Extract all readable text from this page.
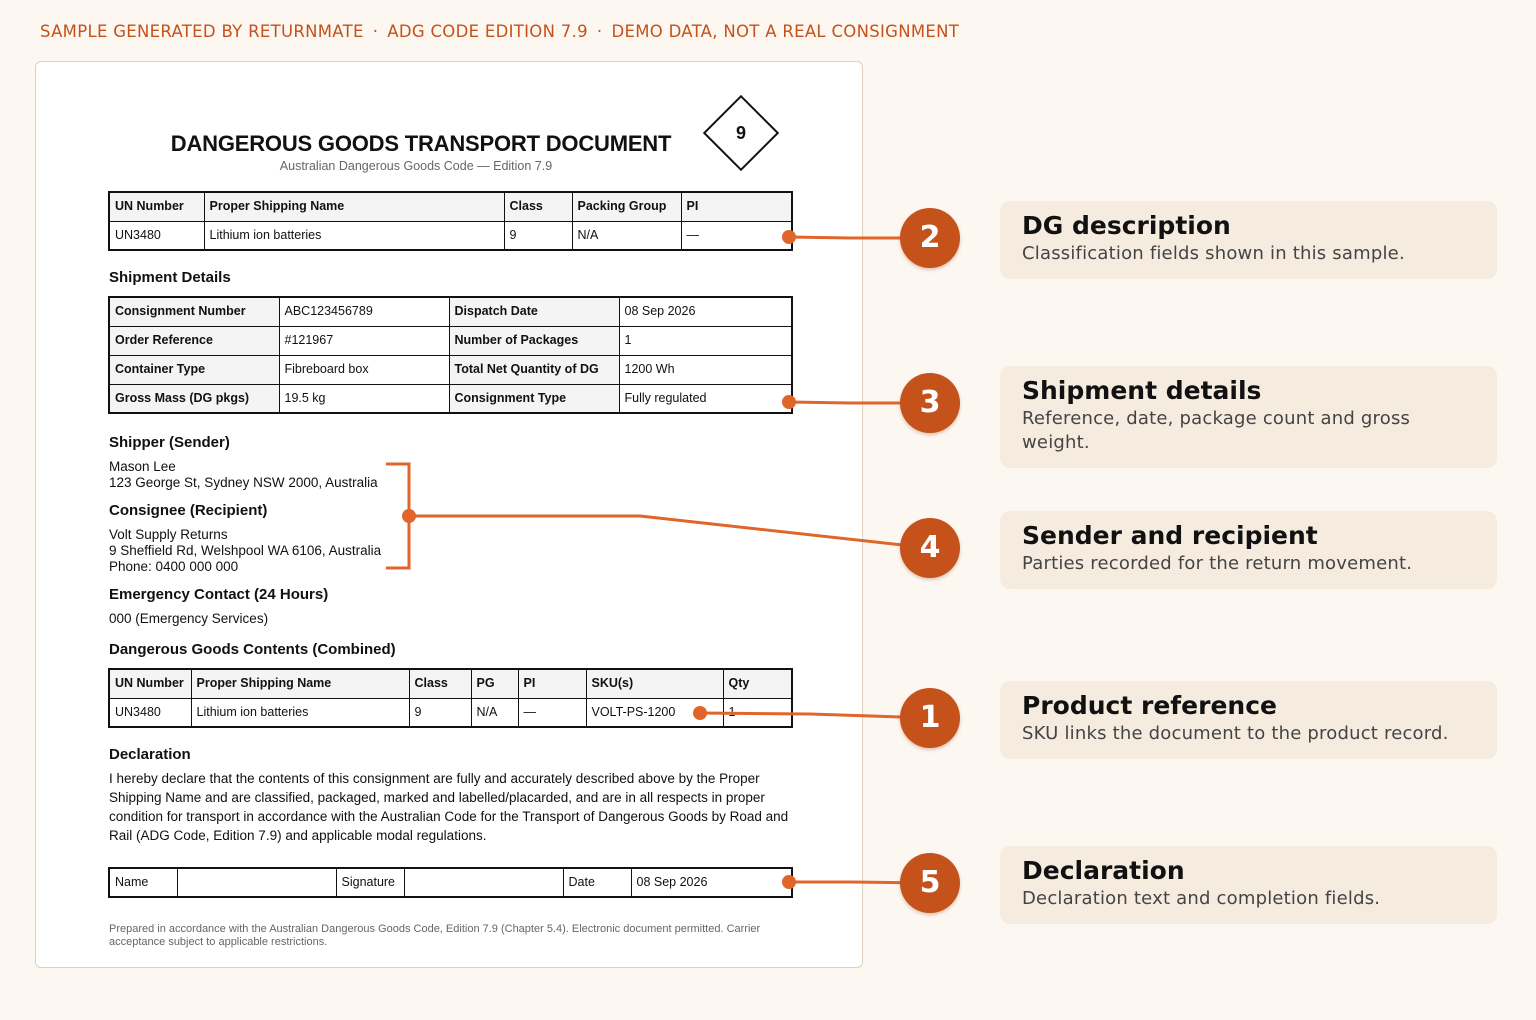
SAMPLE GENERATED BY RETURNMATE · ADG CODE EDITION 7.9 · DEMO DATA, NOT A REAL CONSIGNMENT
DANGEROUS GOODS TRANSPORT DOCUMENT
Australian Dangerous Goods Code — Edition 7.9
9
UN Number	Proper Shipping Name	Class	Packing Group	PI
UN3480	Lithium ion batteries	9	N/A	—
Shipment Details
Consignment Number	ABC123456789	Dispatch Date	08 Sep 2026
Order Reference	#121967	Number of Packages	1
Container Type	Fibreboard box	Total Net Quantity of DG	1200 Wh
Gross Mass (DG pkgs)	19.5 kg	Consignment Type	Fully regulated
Shipper (Sender)
Mason Lee
123 George St, Sydney NSW 2000, Australia
Consignee (Recipient)
Volt Supply Returns
9 Sheffield Rd, Welshpool WA 6106, Australia
Phone: 0400 000 000
Emergency Contact (24 Hours)
000 (Emergency Services)
Dangerous Goods Contents (Combined)
UN Number	Proper Shipping Name	Class	PG	PI	SKU(s)	Qty
UN3480	Lithium ion batteries	9	N/A	—	VOLT-PS-1200	1
Declaration
I hereby declare that the contents of this consignment are fully and accurately described above by the Proper Shipping Name and are classified, packaged, marked and labelled/placarded, and are in all respects in proper condition for transport in accordance with the Australian Code for the Transport of Dangerous Goods by Road and Rail (ADG Code, Edition 7.9) and applicable modal regulations.
Name		Signature		Date	08 Sep 2026
Prepared in accordance with the Australian Dangerous Goods Code, Edition 7.9 (Chapter 5.4). Electronic document permitted. Carrier acceptance subject to applicable restrictions.
2
3
4
1
5
DG description
Classification fields shown in this sample.
Shipment details
Reference, date, package count and gross weight.
Sender and recipient
Parties recorded for the return movement.
Product reference
SKU links the document to the product record.
Declaration
Declaration text and completion fields.
